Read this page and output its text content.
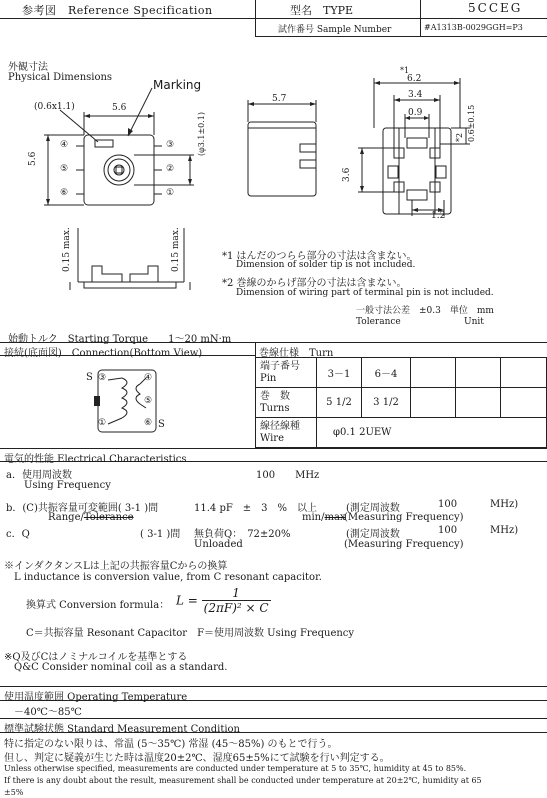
参考図　Reference Specification	型名　TYPE	5CCEG
試作番号 Sample Number	#A1313B-0029GGH=P3
外観寸法
Physical Dimensions
(0.6x1.1)	5.6
5.6
Marking
(φ3.1±0.1)
5.7
*1
6.2
3.4
0.9
*2 0.6±0.15
3.6
1.2
0.15 max.	0.15 max.
③
②
①
④
⑤
⑥
*1 はんだのつらら部分の寸法は含まない。
Dimension of solder tip is not included.
*2 巻線のからげ部分の寸法は含まない。
Dimension of wiring part of terminal pin is not included.
一般寸法公差　±0.3　単位　mm
Tolerance	Unit
始動トルク　Starting Torque　　1～20 mN·m
接続(底面図)　Connection(Bottom View)	巻線仕様　Turn
S
S
③	④
⑤
①	⑥
端子番号
Pin	3－1	6－4			
巻　数
Turns	5 1/2	3 1/2			
線径線種
Wire	φ0.1 2UEW				
電気的性能 Electrical Characteristics
a．使用周波数
Using Frequency
100　　MHz
b．(C)共振容量可変範囲( 3-1 )間	11.4 pF　±　3　%　以上	(測定周波数	100	MHz)
Range/Tolerance	min/max
(Measuring Frequency)
c．Q	( 3-1 )間 無負荷Q：　72±20%
Unloaded
(測定周波数	100	MHz)
(Measuring Frequency)
※インダクタンスLは上記の共振容量Cからの換算
L inductance is conversion value, from C resonant capacitor.
換算式 Conversion formula： $L = \frac{1}{\text{(2πF)² × C}}$
C＝共振容量 Resonant Capacitor　F＝使用周波数 Using Frequency
※Q及びCはノミナルコイルを基準とする
Q&C Consider nominal coil as a standard.
使用温度範囲 Operating Temperature
－40℃～85℃
標準試験状態 Standard Measurement Condition
特に指定のない限りは、常温 (5～35℃) 常湿 (45～85%) のもとで行う。
但し、判定に疑義が生じた時は温度20±2℃、湿度65±5%にて試験を行い判定する。
Unless otherwise specified, measurements are conducted under temperature at 5 to 35℃, humidity at 45 to 85%.
If there is any doubt about the result, measurement shall be conducted under temperature at 20±2℃, humidity at 65
±5%
